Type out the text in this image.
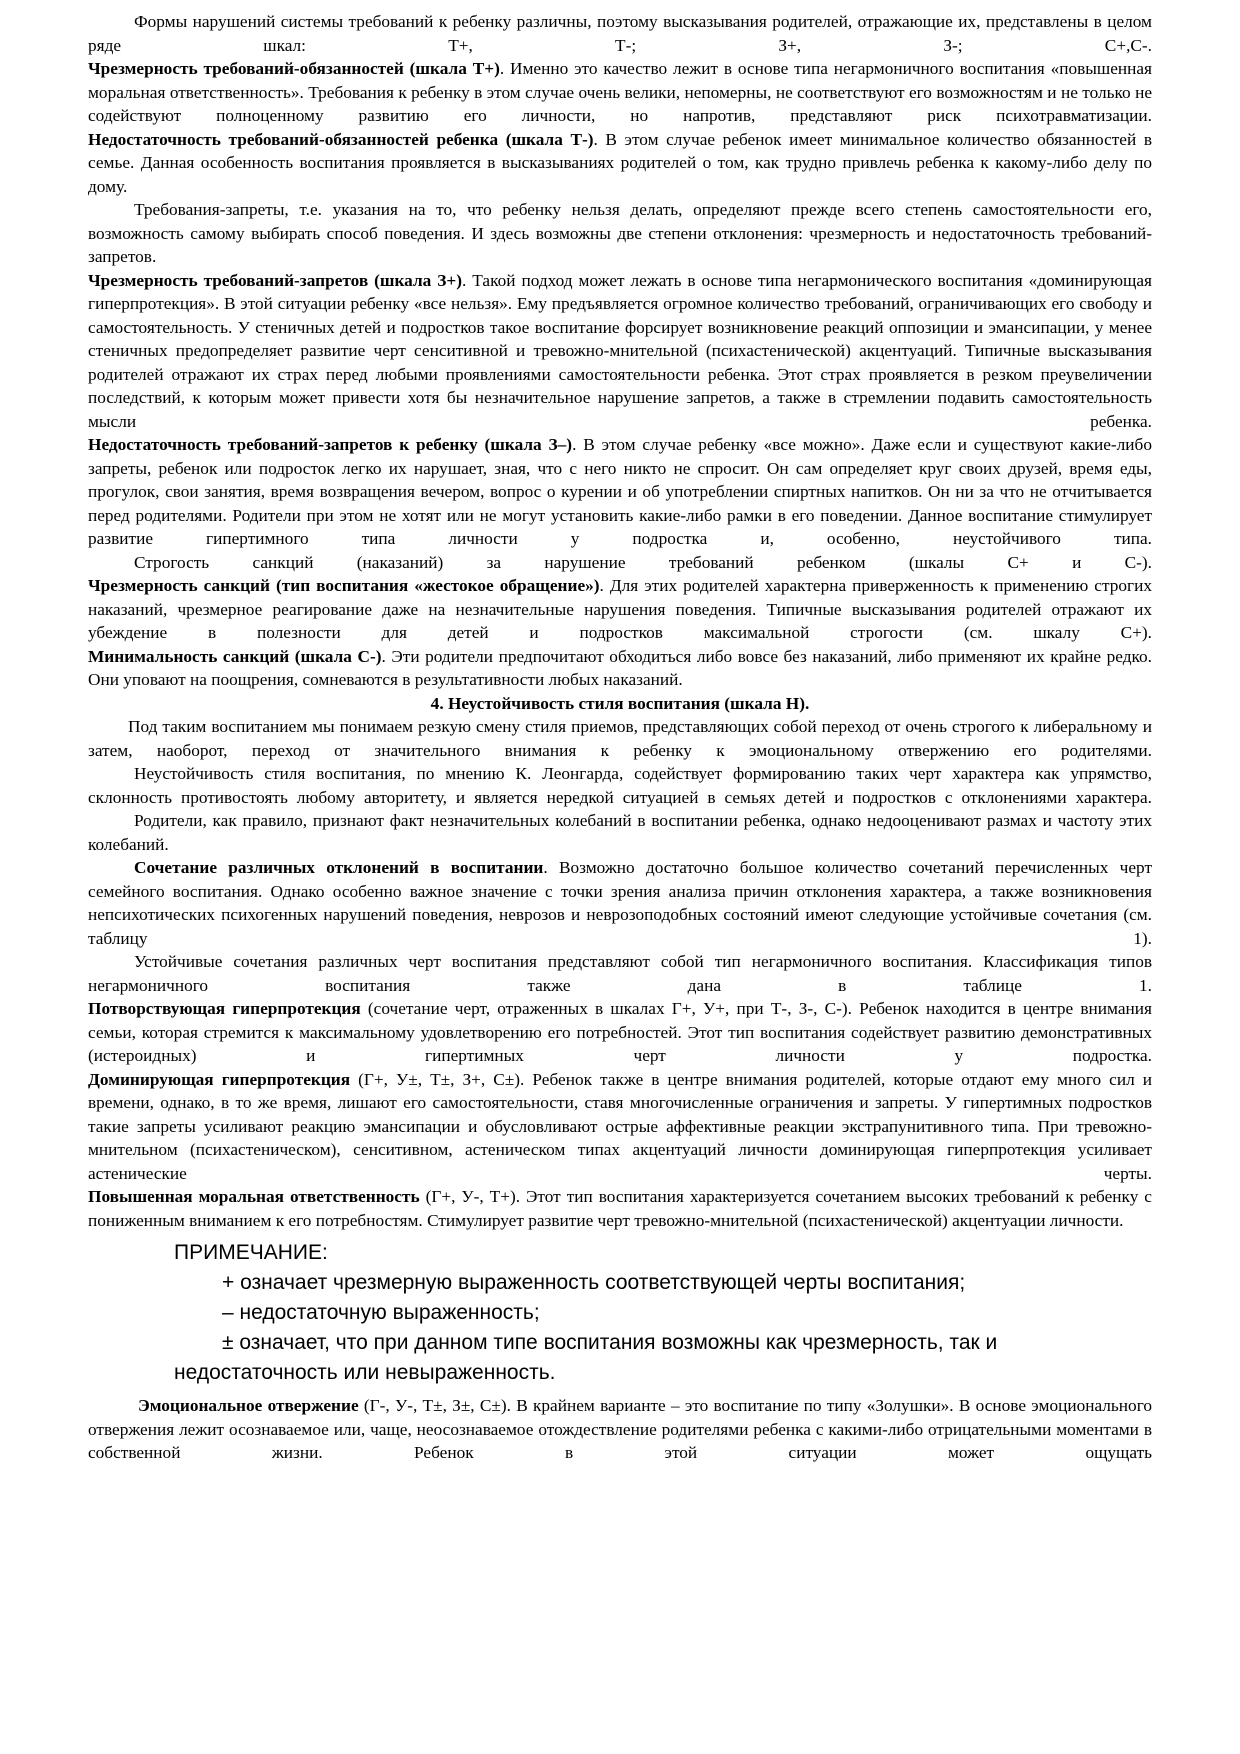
Формы нарушений системы требований к ребенку различны, поэтому высказывания родителей, отражающие их, представлены в целом ряде шкал: Т+, Т-; З+, З-; С+,С-.

Чрезмерность требований-обязанностей (шкала Т+). Именно это качество лежит в основе типа негармоничного воспитания «повышенная моральная ответственность». Требования к ребенку в этом случае очень велики, непомерны, не соответствуют его возможностям и не только не содействуют полноценному развитию его личности, но напротив, представляют риск психотравматизации.

Недостаточность требований-обязанностей ребенка (шкала Т-). В этом случае ребенок имеет минимальное количество обязанностей в семье. Данная особенность воспитания проявляется в высказываниях родителей о том, как трудно привлечь ребенка к какому-либо делу по дому.

Требования-запреты, т.е. указания на то, что ребенку нельзя делать, определяют прежде всего степень самостоятельности его, возможность самому выбирать способ поведения. И здесь возможны две степени отклонения: чрезмерность и недостаточность требований-запретов.

Чрезмерность требований-запретов (шкала З+). Такой подход может лежать в основе типа негармонического воспитания «доминирующая гиперпротекция». В этой ситуации ребенку «все нельзя». Ему предъявляется огромное количество требований, ограничивающих его свободу и самостоятельность. У стеничных детей и подростков такое воспитание форсирует возникновение реакций оппозиции и эмансипации, у менее стеничных предопределяет развитие черт сенситивной и тревожно-мнительной (психастенической) акцентуаций. Типичные высказывания родителей отражают их страх перед любыми проявлениями самостоятельности ребенка. Этот страх проявляется в резком преувеличении последствий, к которым может привести хотя бы незначительное нарушение запретов, а также в стремлении подавить самостоятельность мысли ребенка.

Недостаточность требований-запретов к ребенку (шкала З–). В этом случае ребенку «все можно». Даже если и существуют какие-либо запреты, ребенок или подросток легко их нарушает, зная, что с него никто не спросит. Он сам определяет круг своих друзей, время еды, прогулок, свои занятия, время возвращения вечером, вопрос о курении и об употреблении спиртных напитков. Он ни за что не отчитывается перед родителями. Родители при этом не хотят или не могут установить какие-либо рамки в его поведении. Данное воспитание стимулирует развитие гипертимного типа личности у подростка и, особенно, неустойчивого типа.

Строгость санкций (наказаний) за нарушение требований ребенком (шкалы С+ и С-).

Чрезмерность санкций (тип воспитания «жестокое обращение»). Для этих родителей характерна приверженность к применению строгих наказаний, чрезмерное реагирование даже на незначительные нарушения поведения. Типичные высказывания родителей отражают их убеждение в полезности для детей и подростков максимальной строгости (см. шкалу С+).

Минимальность санкций (шкала С-). Эти родители предпочитают обходиться либо вовсе без наказаний, либо применяют их крайне редко. Они уповают на поощрения, сомневаются в результативности любых наказаний.

4. Неустойчивость стиля воспитания (шкала Н).

Под таким воспитанием мы понимаем резкую смену стиля приемов, представляющих собой переход от очень строгого к либеральному и затем, наоборот, переход от значительного внимания к ребенку к эмоциональному отвержению его родителями.

Неустойчивость стиля воспитания, по мнению К. Леонгарда, содействует формированию таких черт характера как упрямство, склонность противостоять любому авторитету, и является нередкой ситуацией в семьях детей и подростков с отклонениями характера.

Родители, как правило, признают факт незначительных колебаний в воспитании ребенка, однако недооценивают размах и частоту этих колебаний.

Сочетание различных отклонений в воспитании. Возможно достаточно большое количество сочетаний перечисленных черт семейного воспитания. Однако особенно важное значение с точки зрения анализа причин отклонения характера, а также возникновения непсихотических психогенных нарушений поведения, неврозов и неврозоподобных состояний имеют следующие устойчивые сочетания (см. таблицу 1).

Устойчивые сочетания различных черт воспитания представляют собой тип негармоничного воспитания. Классификация типов негармоничного воспитания также дана в таблице 1.

Потворствующая гиперпротекция (сочетание черт, отраженных в шкалах Г+, У+, при Т-, З-, С-). Ребенок находится в центре внимания семьи, которая стремится к максимальному удовлетворению его потребностей. Этот тип воспитания содействует развитию демонстративных (истероидных) и гипертимных черт личности у подростка.

Доминирующая гиперпротекция (Г+, У±, Т±, З+, С±). Ребенок также в центре внимания родителей, которые отдают ему много сил и времени, однако, в то же время, лишают его самостоятельности, ставя многочисленные ограничения и запреты. У гипертимных подростков такие запреты усиливают реакцию эмансипации и обусловливают острые аффективные реакции экстрапунитивного типа. При тревожно-мнительном (психастеническом), сенситивном, астеническом типах акцентуаций личности доминирующая гиперпротекция усиливает астенические черты.

Повышенная моральная ответственность (Г+, У-, Т+). Этот тип воспитания характеризуется сочетанием высоких требований к ребенку с пониженным вниманием к его потребностям. Стимулирует развитие черт тревожно-мнительной (психастенической) акцентуации личности.

ПРИМЕЧАНИЕ:
+ означает чрезмерную выраженность соответствующей черты воспитания;
– недостаточную выраженность;
± означает, что при данном типе воспитания возможны как чрезмерность, так и
недостаточность или невыраженность.

Эмоциональное отвержение (Г-, У-, Т±, З±, С±). В крайнем варианте – это воспитание по типу «Золушки». В основе эмоционального отвержения лежит осознаваемое или, чаще, неосознаваемое отождествление родителями ребенка с какими-либо отрицательными моментами в собственной жизни. Ребенок в этой ситуации может ощущать
